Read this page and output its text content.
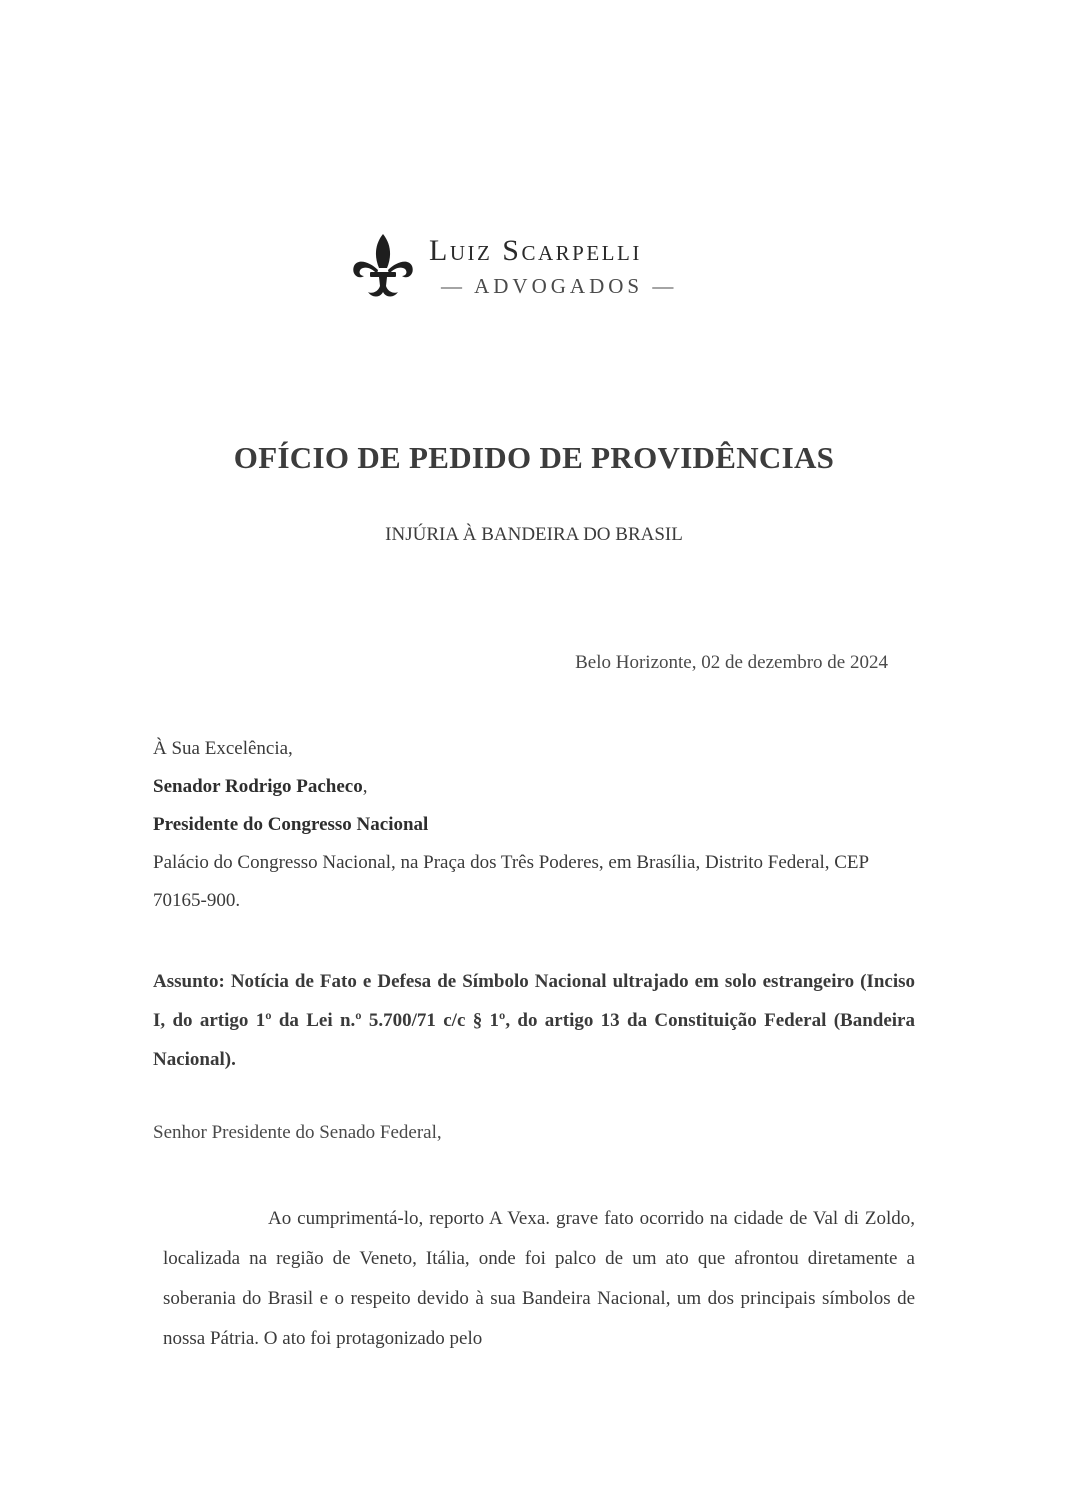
Luiz Scarpelli
— ADVOGADOS —
OFÍCIO DE PEDIDO DE PROVIDÊNCIAS
INJÚRIA À BANDEIRA DO BRASIL
Belo Horizonte, 02 de dezembro de 2024

À Sua Excelência,

Senador Rodrigo Pacheco,

Presidente do Congresso Nacional

Palácio do Congresso Nacional, na Praça dos Três Poderes, em Brasília, Distrito Federal, CEP 70165-900.

Assunto: Notícia de Fato e Defesa de Símbolo Nacional ultrajado em solo estrangeiro (Inciso I, do artigo 1º da Lei n.º 5.700/71 c/c § 1º, do artigo 13 da Constituição Federal (Bandeira Nacional).

Senhor Presidente do Senado Federal,

Ao cumprimentá-lo, reporto A Vexa. grave fato ocorrido na cidade de Val di Zoldo, localizada na região de Veneto, Itália, onde foi palco de um ato que afrontou diretamente a soberania do Brasil e o respeito devido à sua Bandeira Nacional, um dos principais símbolos de nossa Pátria. O ato foi protagonizado pelo
